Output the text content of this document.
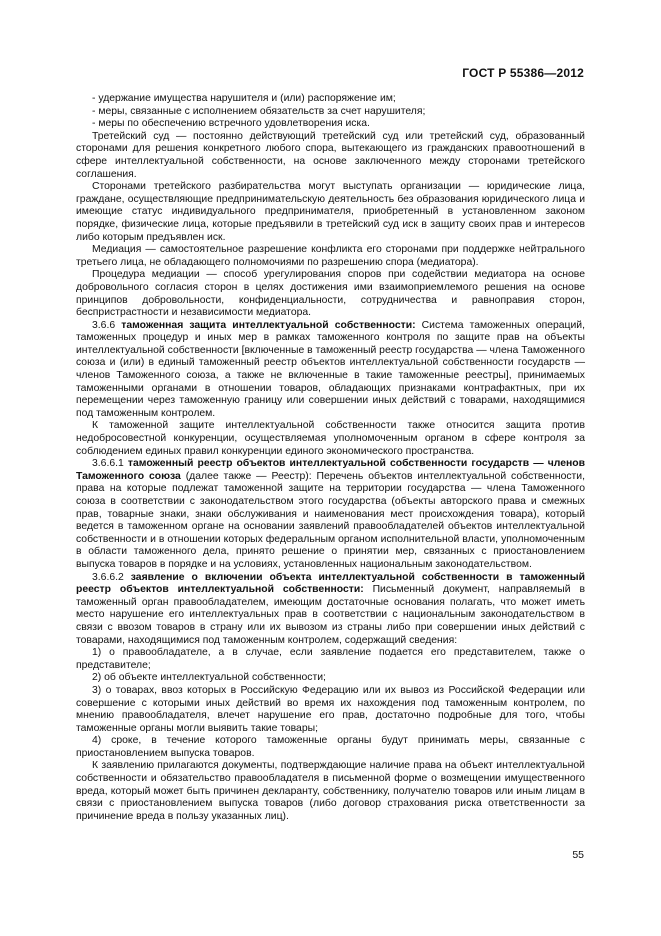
ГОСТ Р 55386—2012

- удержание имущества нарушителя и (или) распоряжение им;

- меры, связанные с исполнением обязательств за счет нарушителя;

- меры по обеспечению встречного удовлетворения иска.

Третейский суд — постоянно действующий третейский суд или третейский суд, образованный сторонами для решения конкретного любого спора, вытекающего из гражданских правоотношений в сфере интеллектуальной собственности, на основе заключенного между сторонами третейского соглашения.

Сторонами третейского разбирательства могут выступать организации — юридические лица, граждане, осуществляющие предпринимательскую деятельность без образования юридического лица и имеющие статус индивидуального предпринимателя, приобретенный в установленном законом порядке, физические лица, которые предъявили в третейский суд иск в защиту своих прав и интересов либо которым предъявлен иск.

Медиация — самостоятельное разрешение конфликта его сторонами при поддержке нейтрального третьего лица, не обладающего полномочиями по разрешению спора (медиатора).

Процедура медиации — способ урегулирования споров при содействии медиатора на основе добровольного согласия сторон в целях достижения ими взаимоприемлемого решения на основе принципов добровольности, конфиденциальности, сотрудничества и равноправия сторон, беспристрастности и независимости медиатора.

3.6.6 таможенная защита интеллектуальной собственности: Система таможенных операций, таможенных процедур и иных мер в рамках таможенного контроля по защите прав на объекты интеллектуальной собственности [включенные в таможенный реестр государства — члена Таможенного союза и (или) в единый таможенный реестр объектов интеллектуальной собственности государств — членов Таможенного союза, а также не включенные в такие таможенные реестры], принимаемых таможенными органами в отношении товаров, обладающих признаками контрафактных, при их перемещении через таможенную границу или совершении иных действий с товарами, находящимися под таможенным контролем.

К таможенной защите интеллектуальной собственности также относится защита против недобросовестной конкуренции, осуществляемая уполномоченным органом в сфере контроля за соблюдением единых правил конкуренции единого экономического пространства.

3.6.6.1 таможенный реестр объектов интеллектуальной собственности государств — членов Таможенного союза (далее также — Реестр): Перечень объектов интеллектуальной собственности, права на которые подлежат таможенной защите на территории государства — члена Таможенного союза в соответствии с законодательством этого государства (объекты авторского права и смежных прав, товарные знаки, знаки обслуживания и наименования мест происхождения товара), который ведется в таможенном органе на основании заявлений правообладателей объектов интеллектуальной собственности и в отношении которых федеральным органом исполнительной власти, уполномоченным в области таможенного дела, принято решение о принятии мер, связанных с приостановлением выпуска товаров в порядке и на условиях, установленных национальным законодательством.

3.6.6.2 заявление о включении объекта интеллектуальной собственности в таможенный реестр объектов интеллектуальной собственности: Письменный документ, направляемый в таможенный орган правообладателем, имеющим достаточные основания полагать, что может иметь место нарушение его интеллектуальных прав в соответствии с национальным законодательством в связи с ввозом товаров в страну или их вывозом из страны либо при совершении иных действий с товарами, находящимися под таможенным контролем, содержащий сведения:

1) о правообладателе, а в случае, если заявление подается его представителем, также о представителе;

2) об объекте интеллектуальной собственности;

3) о товарах, ввоз которых в Российскую Федерацию или их вывоз из Российской Федерации или совершение с которыми иных действий во время их нахождения под таможенным контролем, по мнению правообладателя, влечет нарушение его прав, достаточно подробные для того, чтобы таможенные органы могли выявить такие товары;

4) сроке, в течение которого таможенные органы будут принимать меры, связанные с приостановлением выпуска товаров.

К заявлению прилагаются документы, подтверждающие наличие права на объект интеллектуальной собственности и обязательство правообладателя в письменной форме о возмещении имущественного вреда, который может быть причинен декларанту, собственнику, получателю товаров или иным лицам в связи с приостановлением выпуска товаров (либо договор страхования риска ответственности за причинение вреда в пользу указанных лиц).

55
